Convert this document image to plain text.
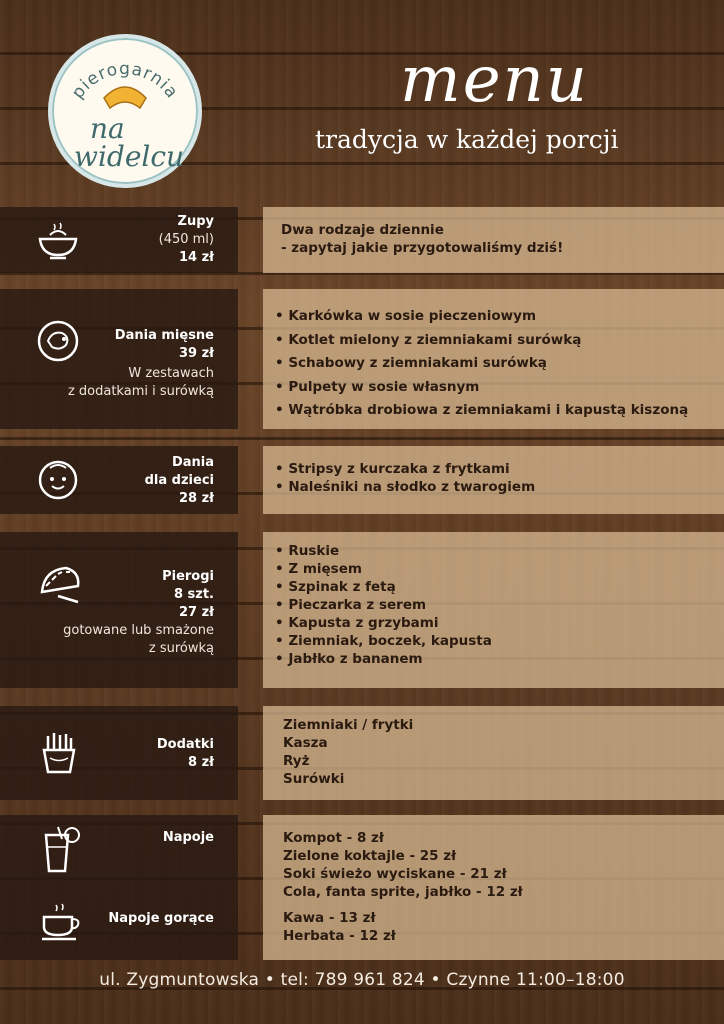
pierogarnia
na
widelcu
menu
tradycja w każdej porcji
Zupy
(450 ml)
14 zł
Dwa rodzaje dziennie
- zapytaj jakie przygotowaliśmy dziś!
Dania mięsne
39 zł
W zestawach
z dodatkami i surówką
• Karkówka w sosie pieczeniowym
• Kotlet mielony z ziemniakami surówką
• Schabowy z ziemniakami surówką
• Pulpety w sosie własnym
• Wątróbka drobiowa z ziemniakami i kapustą kiszoną
Dania
dla dzieci
28 zł
• Stripsy z kurczaka z frytkami
• Naleśniki na słodko z twarogiem
Pierogi
8 szt.
27 zł
gotowane lub smażone
z surówką
• Ruskie
• Z mięsem
• Szpinak z fetą
• Pieczarka z serem
• Kapusta z grzybami
• Ziemniak, boczek, kapusta
• Jabłko z bananem
Dodatki
8 zł
Ziemniaki / frytki
Kasza
Ryż
Surówki
Napoje
Napoje gorące
Kompot - 8 zł
Zielone koktajle - 25 zł
Soki świeżo wyciskane - 21 zł
Cola, fanta sprite, jabłko - 12 zł
Kawa - 13 zł
Herbata - 12 zł
ul. Zygmuntowska • tel: 789 961 824 • Czynne 11:00–18:00
